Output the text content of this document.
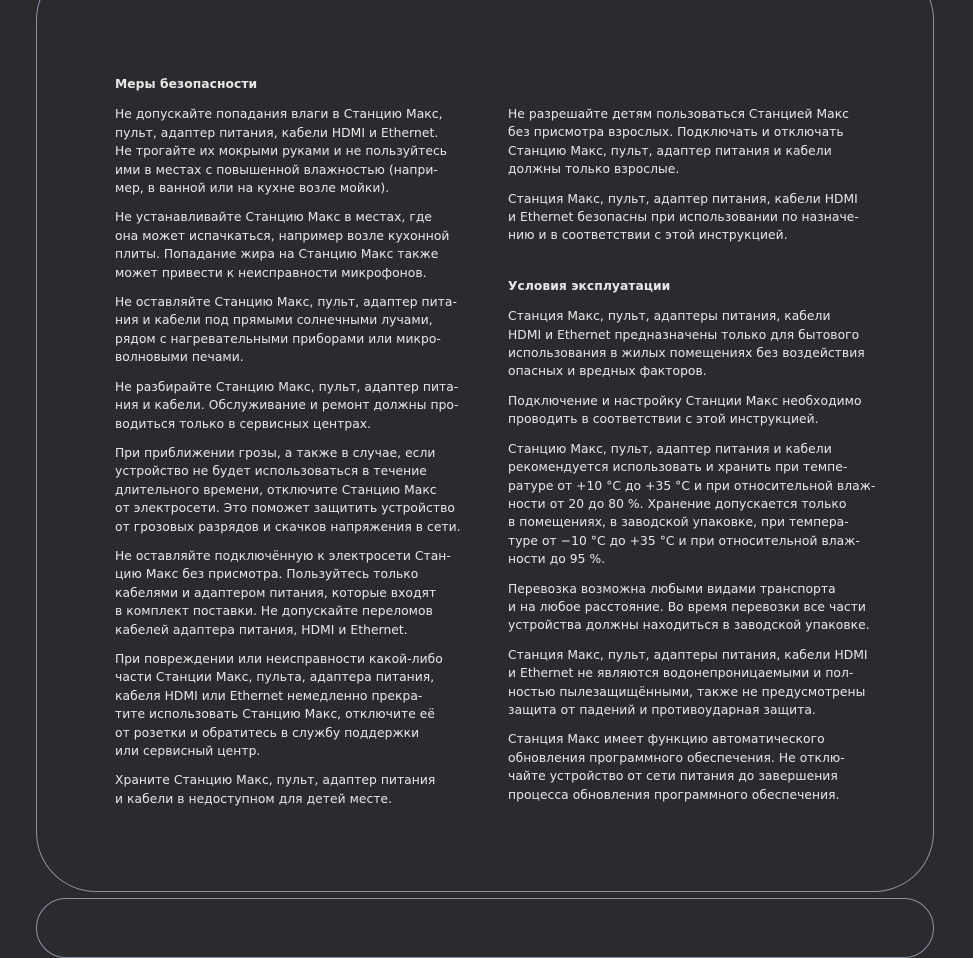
Меры безопасности
Не допускайте попадания влаги в Станцию Макс,
пульт, адаптер питания, кабели HDMI и Ethernet.
Не трогайте их мокрыми руками и не пользуйтесь
ими в местах с повышенной влажностью (напри-
мер, в ванной или на кухне возле мойки).
Не устанавливайте Станцию Макс в местах, где
она может испачкаться, например возле кухонной
плиты. Попадание жира на Станцию Макс также
может привести к неисправности микрофонов.
Не оставляйте Станцию Макс, пульт, адаптер пита-
ния и кабели под прямыми солнечными лучами,
рядом с нагревательными приборами или микро-
волновыми печами.
Не разбирайте Станцию Макс, пульт, адаптер пита-
ния и кабели. Обслуживание и ремонт должны про-
водиться только в сервисных центрах.
При приближении грозы, а также в случае, если
устройство не будет использоваться в течение
длительного времени, отключите Станцию Макс
от электросети. Это поможет защитить устройство
от грозовых разрядов и скачков напряжения в сети.
Не оставляйте подключённую к электросети Стан-
цию Макс без присмотра. Пользуйтесь только
кабелями и адаптером питания, которые входят
в комплект поставки. Не допускайте переломов
кабелей адаптера питания, HDMI и Ethernet.
При повреждении или неисправности какой-либо
части Станции Макс, пульта, адаптера питания,
кабеля HDMI или Ethernet немедленно прекра-
тите использовать Станцию Макс, отключите её
от розетки и обратитесь в службу поддержки
или сервисный центр.
Храните Станцию Макс, пульт, адаптер питания
и кабели в недоступном для детей месте.
Не разрешайте детям пользоваться Станцией Макс
без присмотра взрослых. Подключать и отключать
Станцию Макс, пульт, адаптер питания и кабели
должны только взрослые.
Станция Макс, пульт, адаптер питания, кабели HDMI
и Ethernet безопасны при использовании по назначе-
нию и в соответствии с этой инструкцией.
Условия эксплуатации
Станция Макс, пульт, адаптеры питания, кабели
HDMI и Ethernet предназначены только для бытового
использования в жилых помещениях без воздействия
опасных и вредных факторов.
Подключение и настройку Станции Макс необходимо
проводить в соответствии с этой инструкцией.
Станцию Макс, пульт, адаптер питания и кабели
рекомендуется использовать и хранить при темпе-
ратуре от +10 °C до +35 °C и при относительной влаж-
ности от 20 до 80 %. Хранение допускается только
в помещениях, в заводской упаковке, при темпера-
туре от −10 °C до +35 °C и при относительной влаж-
ности до 95 %.
Перевозка возможна любыми видами транспорта
и на любое расстояние. Во время перевозки все части
устройства должны находиться в заводской упаковке.
Станция Макс, пульт, адаптеры питания, кабели HDMI
и Ethernet не являются водонепроницаемыми и пол-
ностью пылезащищёнными, также не предусмотрены
защита от падений и противоударная защита.
Станция Макс имеет функцию автоматического
обновления программного обеспечения. Не отклю-
чайте устройство от сети питания до завершения
процесса обновления программного обеспечения.
